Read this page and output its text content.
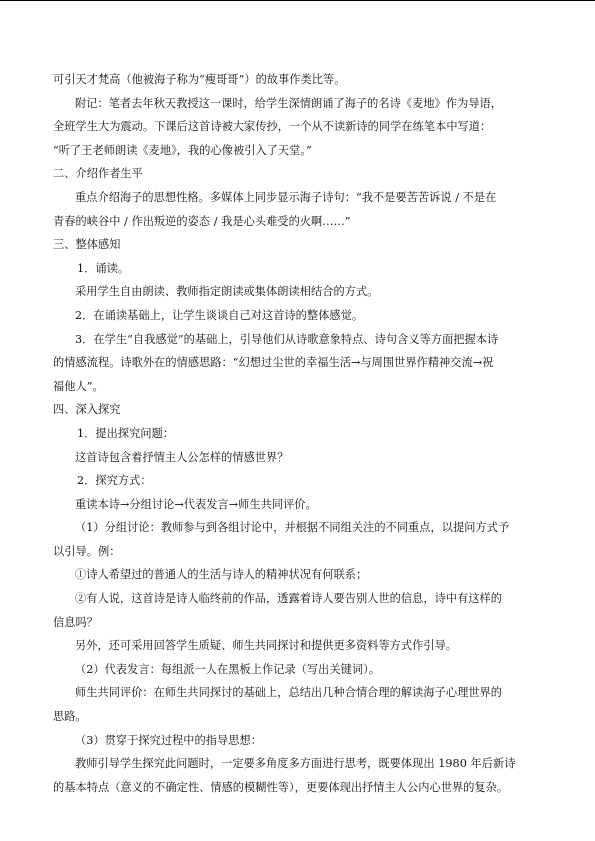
可引天才梵高（他被海子称为“瘦哥哥”）的故事作类比等。
附记：笔者去年秋天教授这一课时，给学生深情朗诵了海子的名诗《麦地》作为导语，
全班学生大为震动。下课后这首诗被大家传抄，一个从不读新诗的同学在练笔本中写道：
“听了王老师朗读《麦地》，我的心像被引入了天堂。”
二、介绍作者生平
重点介绍海子的思想性格。多媒体上同步显示海子诗句：“我不是要苦苦诉说 / 不是在
青春的峡谷中 / 作出叛逆的姿态 / 我是心头难受的火啊……”
三、整体感知
1．诵读。
采用学生自由朗读、教师指定朗读或集体朗读相结合的方式。
2．在诵读基础上，让学生谈谈自己对这首诗的整体感觉。
3．在学生“自我感觉”的基础上，引导他们从诗歌意象特点、诗句含义等方面把握本诗
的情感流程。诗歌外在的情感思路：“幻想过尘世的幸福生活→与周围世界作精神交流→祝
福他人”。
四、深入探究
1．提出探究问题：
这首诗包含着抒情主人公怎样的情感世界？
2．探究方式：
重读本诗→分组讨论→代表发言→师生共同评价。
（1）分组讨论：教师参与到各组讨论中，并根据不同组关注的不同重点，以提问方式予
以引导。例：
①诗人希望过的普通人的生活与诗人的精神状况有何联系；
②有人说，这首诗是诗人临终前的作品，透露着诗人要告别人世的信息，诗中有这样的
信息吗？
另外，还可采用回答学生质疑、师生共同探讨和提供更多资料等方式作引导。
（2）代表发言：每组派一人在黑板上作记录（写出关键词）。
师生共同评价：在师生共同探讨的基础上，总结出几种合情合理的解读海子心理世界的
思路。
（3）贯穿于探究过程中的指导思想：
教师引导学生探究此问题时，一定要多角度多方面进行思考，既要体现出 1980 年后新诗
的基本特点（意义的不确定性、情感的模糊性等），更要体现出抒情主人公内心世界的复杂。
